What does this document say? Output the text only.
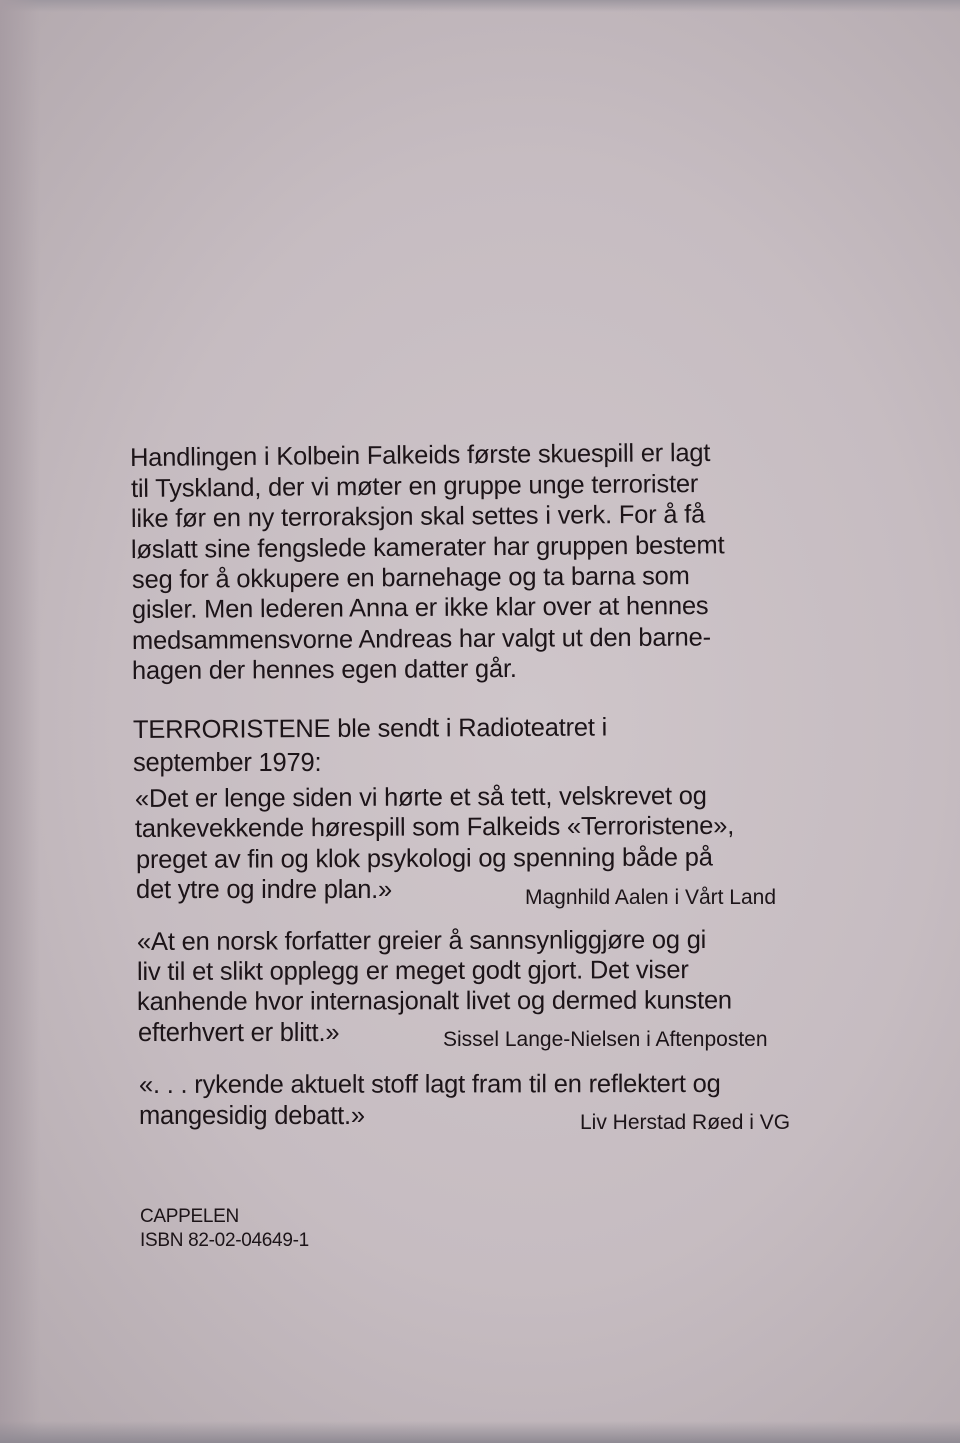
Handlingen i Kolbein Falkeids første skuespill er lagt
til Tyskland, der vi møter en gruppe unge terrorister
like før en ny terroraksjon skal settes i verk. For å få
løslatt sine fengslede kamerater har gruppen bestemt
seg for å okkupere en barnehage og ta barna som
gisler. Men lederen Anna er ikke klar over at hennes
medsammensvorne Andreas har valgt ut den barne-
hagen der hennes egen datter går.
TERRORISTENE ble sendt i Radioteatret i
september 1979:
«Det er lenge siden vi hørte et så tett, velskrevet og
tankevekkende hørespill som Falkeids «Terroristene»,
preget av fin og klok psykologi og spenning både på
det ytre og indre plan.»	Magnhild Aalen i Vårt Land
«At en norsk forfatter greier å sannsynliggjøre og gi
liv til et slikt opplegg er meget godt gjort. Det viser
kanhende hvor internasjonalt livet og dermed kunsten
efterhvert er blitt.»	Sissel Lange-Nielsen i Aftenposten
«. . . rykende aktuelt stoff lagt fram til en reflektert og
mangesidig debatt.»	Liv Herstad Røed i VG
CAPPELEN
ISBN 82-02-04649-1
